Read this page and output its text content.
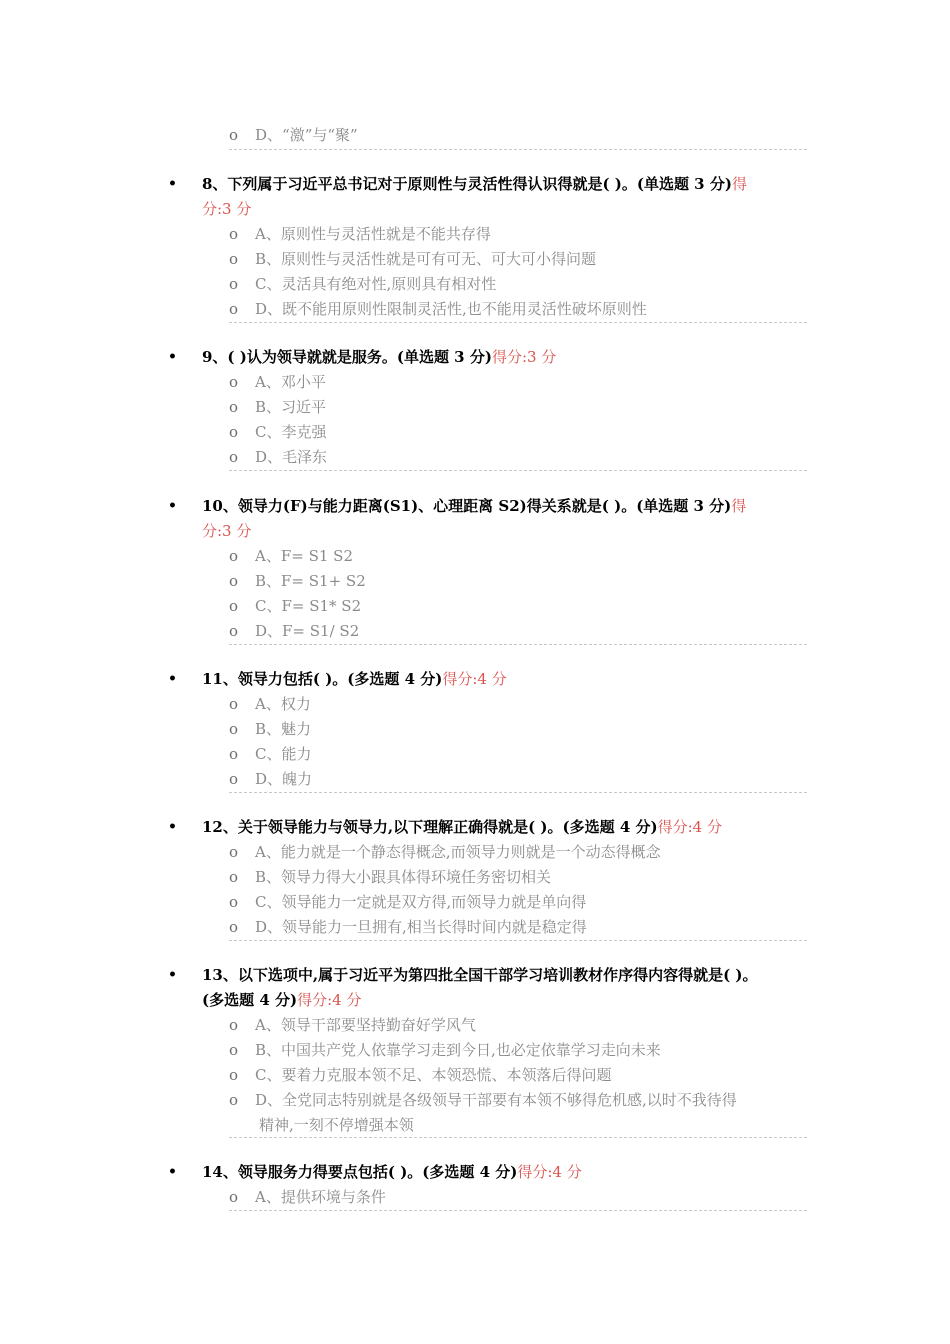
o D、“激”与“聚”
•	8、下列属于习近平总书记对于原则性与灵活性得认识得就是( )。(单选题 3 分)得
分:3 分
o A、原则性与灵活性就是不能共存得
o B、原则性与灵活性就是可有可无、可大可小得问题
o C、灵活具有绝对性,原则具有相对性
o D、既不能用原则性限制灵活性,也不能用灵活性破坏原则性
•	9、( )认为领导就就是服务。(单选题 3 分)得分:3 分
o A、邓小平
o B、习近平
o C、李克强
o D、毛泽东
•	10、领导力(F)与能力距离(S1)、心理距离 S2)得关系就是( )。(单选题 3 分)得
分:3 分
o A、F= S1 S2
o B、F= S1+ S2
o C、F= S1* S2
o D、F= S1/ S2
•	11、领导力包括( )。(多选题 4 分)得分:4 分
o A、权力
o B、魅力
o C、能力
o D、魄力
•	12、关于领导能力与领导力,以下理解正确得就是( )。(多选题 4 分)得分:4 分
o A、能力就是一个静态得概念,而领导力则就是一个动态得概念
o B、领导力得大小跟具体得环境任务密切相关
o C、领导能力一定就是双方得,而领导力就是单向得
o D、领导能力一旦拥有,相当长得时间内就是稳定得
•	13、以下选项中,属于习近平为第四批全国干部学习培训教材作序得内容得就是( )。
(多选题 4 分)得分:4 分
o A、领导干部要坚持勤奋好学风气
o B、中国共产党人依靠学习走到今日,也必定依靠学习走向未来
o C、要着力克服本领不足、本领恐慌、本领落后得问题
o D、全党同志特别就是各级领导干部要有本领不够得危机感,以时不我待得
精神,一刻不停增强本领
•	14、领导服务力得要点包括( )。(多选题 4 分)得分:4 分
o A、提供环境与条件
